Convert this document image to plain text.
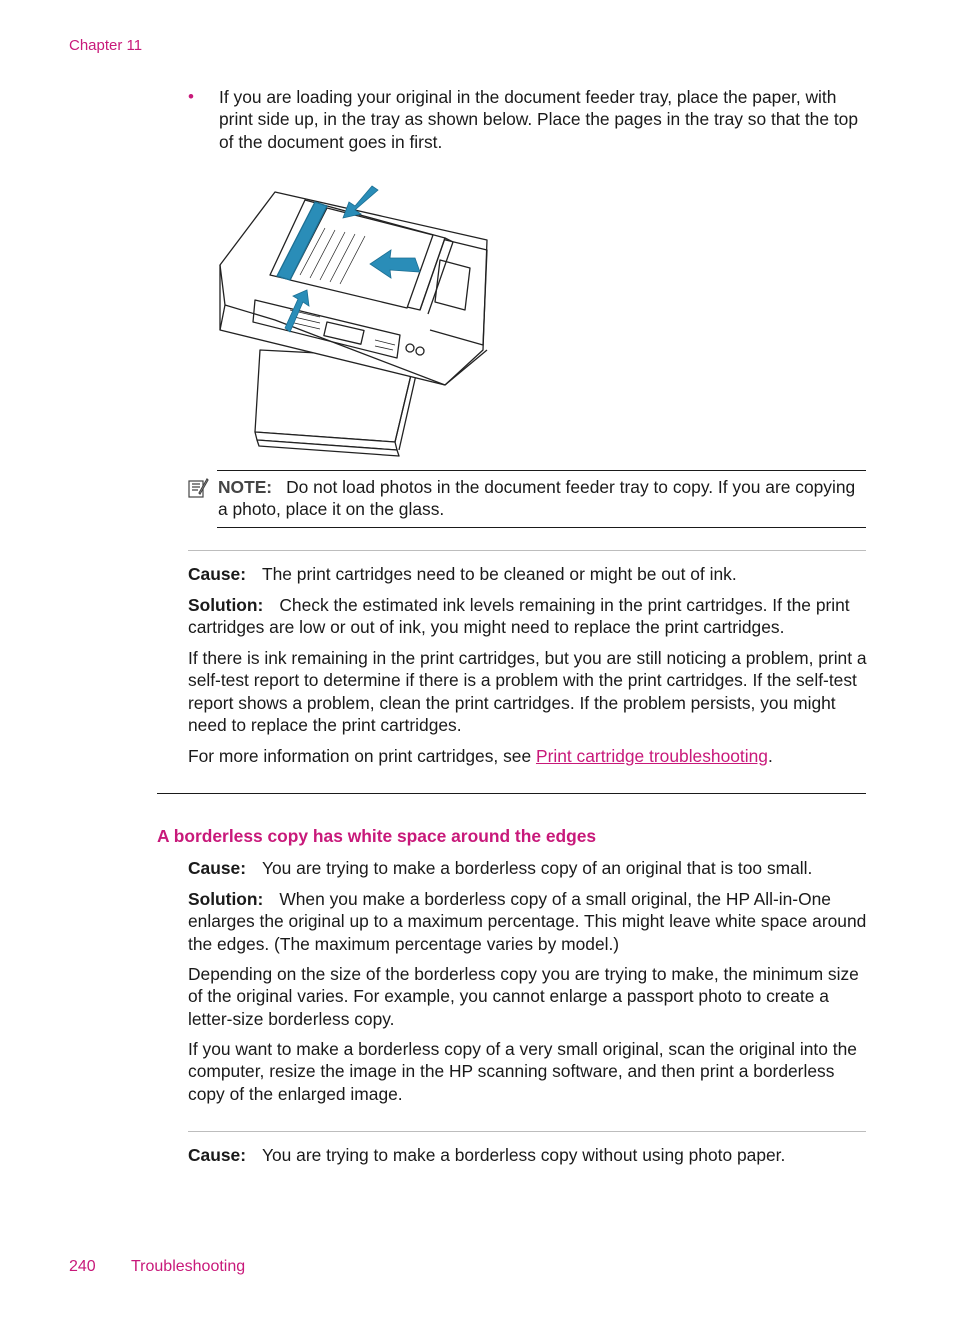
Chapter 11
• If you are loading your original in the document feeder tray, place the paper, with print side up, in the tray as shown below. Place the pages in the tray so that the top of the document goes in first.
NOTE: Do not load photos in the document feeder tray to copy. If you are copying a photo, place it on the glass.
Cause: The print cartridges need to be cleaned or might be out of ink.
Solution: Check the estimated ink levels remaining in the print cartridges. If the print cartridges are low or out of ink, you might need to replace the print cartridges.
If there is ink remaining in the print cartridges, but you are still noticing a problem, print a self-test report to determine if there is a problem with the print cartridges. If the self-test report shows a problem, clean the print cartridges. If the problem persists, you might need to replace the print cartridges.
For more information on print cartridges, see Print cartridge troubleshooting.
A borderless copy has white space around the edges
Cause: You are trying to make a borderless copy of an original that is too small.
Solution: When you make a borderless copy of a small original, the HP All-in-One enlarges the original up to a maximum percentage. This might leave white space around the edges. (The maximum percentage varies by model.)
Depending on the size of the borderless copy you are trying to make, the minimum size of the original varies. For example, you cannot enlarge a passport photo to create a letter-size borderless copy.
If you want to make a borderless copy of a very small original, scan the original into the computer, resize the image in the HP scanning software, and then print a borderless copy of the enlarged image.
Cause: You are trying to make a borderless copy without using photo paper.
240 Troubleshooting
